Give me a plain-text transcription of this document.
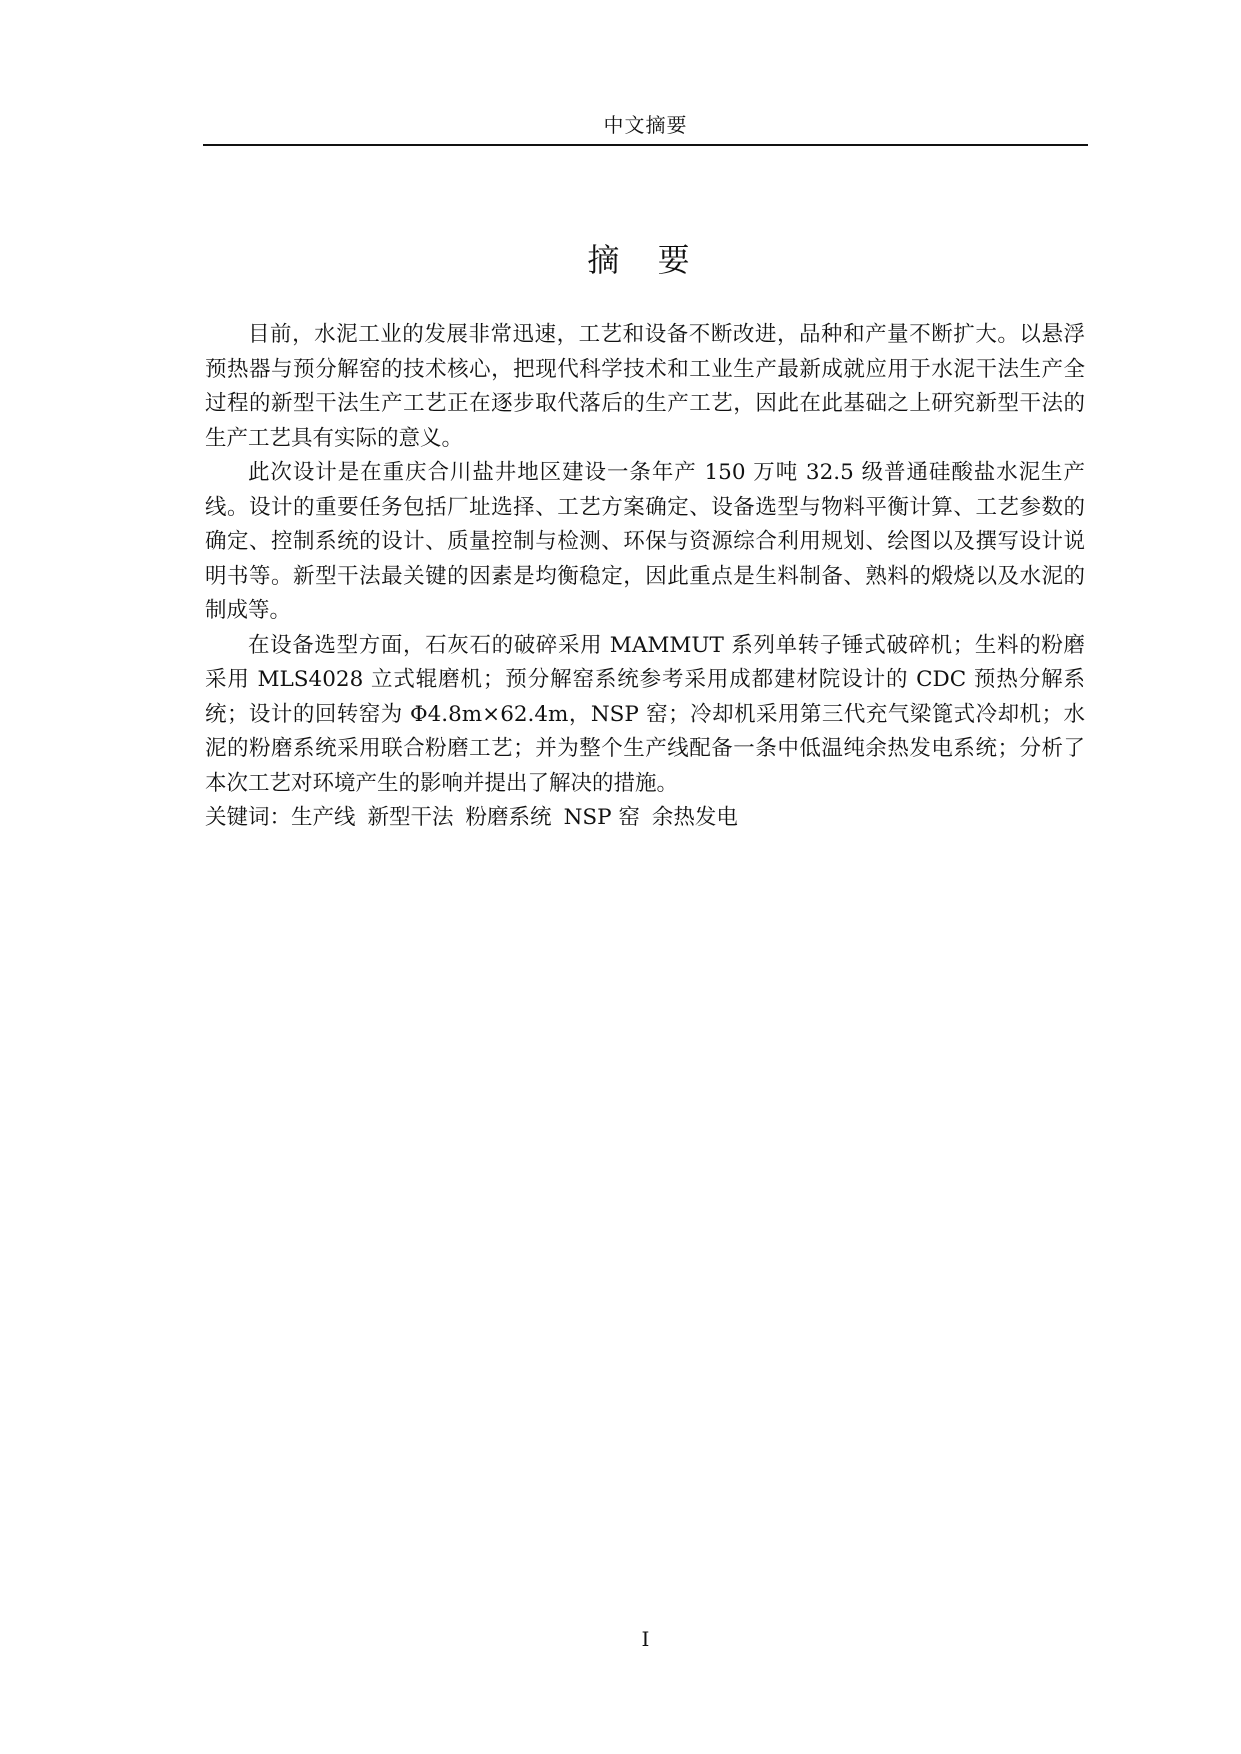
中文摘要
摘 要

目前，水泥工业的发展非常迅速，工艺和设备不断改进，品种和产量不断扩大。以悬浮预热器与预分解窑的技术核心，把现代科学技术和工业生产最新成就应用于水泥干法生产全过程的新型干法生产工艺正在逐步取代落后的生产工艺，因此在此基础之上研究新型干法的生产工艺具有实际的意义。

此次设计是在重庆合川盐井地区建设一条年产 150 万吨 32.5 级普通硅酸盐水泥生产线。设计的重要任务包括厂址选择、工艺方案确定、设备选型与物料平衡计算、工艺参数的确定、控制系统的设计、质量控制与检测、环保与资源综合利用规划、绘图以及撰写设计说明书等。新型干法最关键的因素是均衡稳定，因此重点是生料制备、熟料的煅烧以及水泥的制成等。

在设备选型方面，石灰石的破碎采用 MAMMUT 系列单转子锤式破碎机；生料的粉磨采用 MLS4028 立式辊磨机；预分解窑系统参考采用成都建材院设计的 CDC 预热分解系统；设计的回转窑为 Φ4.8m×62.4m，NSP 窑；冷却机采用第三代充气梁篦式冷却机；水泥的粉磨系统采用联合粉磨工艺；并为整个生产线配备一条中低温纯余热发电系统；分析了本次工艺对环境产生的影响并提出了解决的措施。

关键词：生产线 新型干法 粉磨系统 NSP 窑 余热发电

I
